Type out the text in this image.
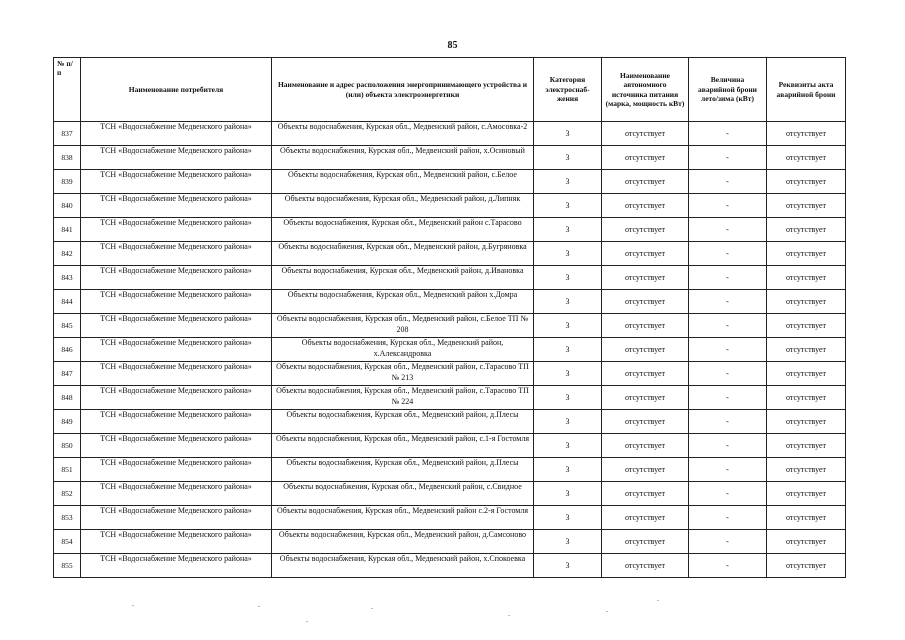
85
№ п/п	Наименование потребителя	Наименование и адрес расположения энергопринимающего устройства и (или) объекта электроэнергетики	Категория электроснаб-жения	Наименование автономного источника питания (марка, мощность кВт)	Величина аварийной брони лето/зима (кВт)	Реквизиты акта аварийной брони
837	ТСН «Водоснабжение Медвенского района»	Объекты водоснабжения, Курская обл., Медвенский район, с.Амосовка-2	3	отсутствует	-	отсутствует
838	ТСН «Водоснабжение Медвенского района»	Объекты водоснабжения, Курская обл., Медвенский район, х.Осиновый	3	отсутствует	-	отсутствует
839	ТСН «Водоснабжение Медвенского района»	Объекты водоснабжения, Курская обл., Медвенский район, с.Белое	3	отсутствует	-	отсутствует
840	ТСН «Водоснабжение Медвенского района»	Объекты водоснабжения, Курская обл., Медвенский район, д.Липняк	3	отсутствует	-	отсутствует
841	ТСН «Водоснабжение Медвенского района»	Объекты водоснабжения, Курская обл., Медвенский район с.Тарасово	3	отсутствует	-	отсутствует
842	ТСН «Водоснабжение Медвенского района»	Объекты водоснабжения, Курская обл., Медвенский район, д.Бугряновка	3	отсутствует	-	отсутствует
843	ТСН «Водоснабжение Медвенского района»	Объекты водоснабжения, Курская обл., Медвенский район, д.Ивановка	3	отсутствует	-	отсутствует
844	ТСН «Водоснабжение Медвенского района»	Объекты водоснабжения, Курская обл., Медвенский район х.Домра	3	отсутствует	-	отсутствует
845	ТСН «Водоснабжение Медвенского района»	Объекты водоснабжения, Курская обл., Медвенский район, с.Белое ТП № 208	3	отсутствует	-	отсутствует
846	ТСН «Водоснабжение Медвенского района»	Объекты водоснабжения, Курская обл., Медвенский район, х.Александровка	3	отсутствует	-	отсутствует
847	ТСН «Водоснабжение Медвенского района»	Объекты водоснабжения, Курская обл., Медвенский район, с.Тарасово ТП № 213	3	отсутствует	-	отсутствует
848	ТСН «Водоснабжение Медвенского района»	Объекты водоснабжения, Курская обл., Медвенский район, с.Тарасово ТП № 224	3	отсутствует	-	отсутствует
849	ТСН «Водоснабжение Медвенского района»	Объекты водоснабжения, Курская обл., Медвенский район, д.Плесы	3	отсутствует	-	отсутствует
850	ТСН «Водоснабжение Медвенского района»	Объекты водоснабжения, Курская обл., Медвенский район, с.1-я Гостомля	3	отсутствует	-	отсутствует
851	ТСН «Водоснабжение Медвенского района»	Объекты водоснабжения, Курская обл., Медвенский район, д.Плесы	3	отсутствует	-	отсутствует
852	ТСН «Водоснабжение Медвенского района»	Объекты водоснабжения, Курская обл., Медвенский район, с.Свидное	3	отсутствует	-	отсутствует
853	ТСН «Водоснабжение Медвенского района»	Объекты водоснабжения, Курская обл., Медвенский район с.2-я Гостомля	3	отсутствует	-	отсутствует
854	ТСН «Водоснабжение Медвенского района»	Объекты водоснабжения, Курская обл., Медвенский район, д.Самсоново	3	отсутствует	-	отсутствует
855	ТСН «Водоснабжение Медвенского района»	Объекты водоснабжения, Курская обл., Медвенский район, х.Спокоевка	3	отсутствует	-	отсутствует
